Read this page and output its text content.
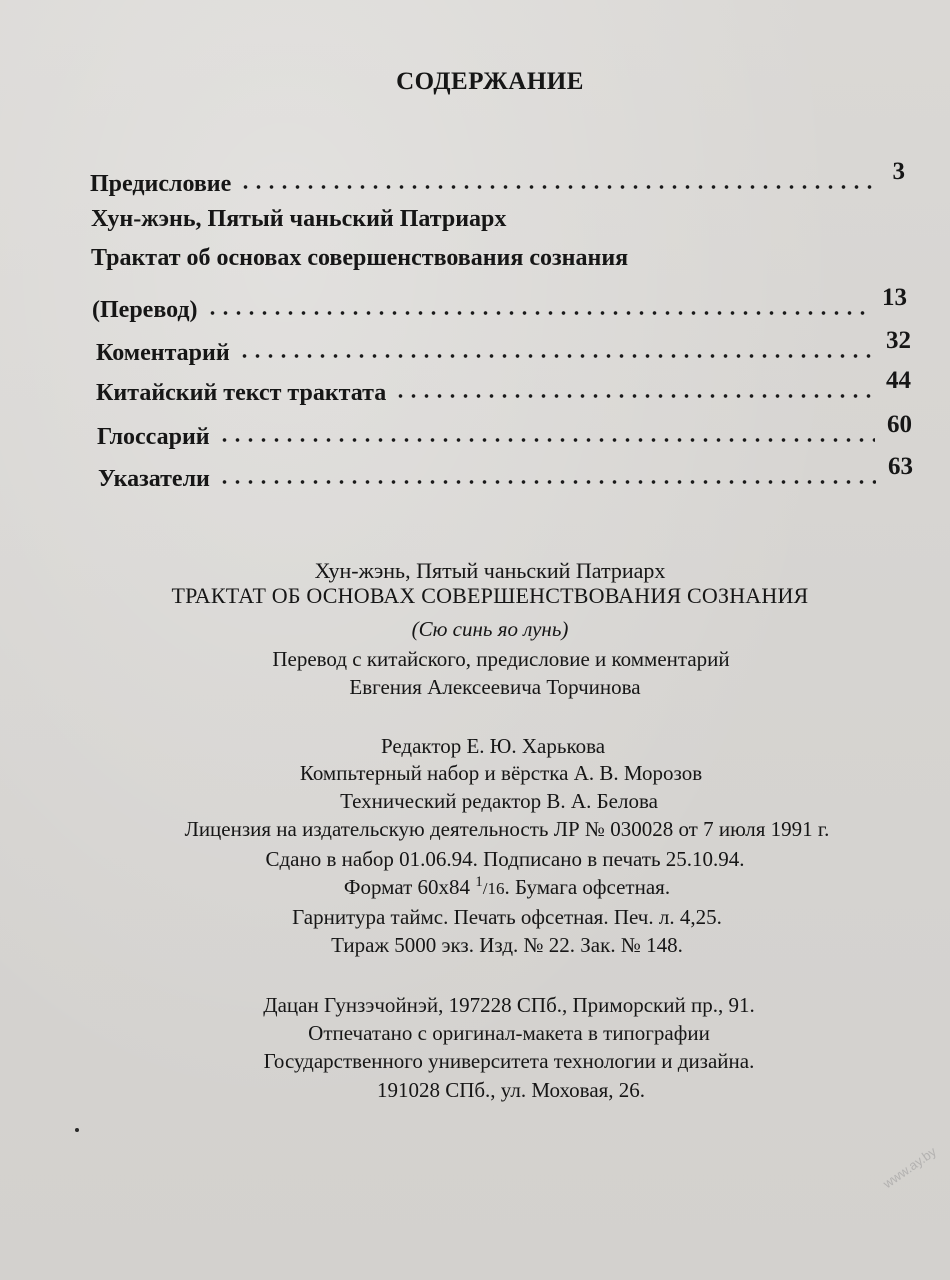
СОДЕРЖАНИЕ
Предисловие	3
Хун-жэнь, Пятый чаньский Патриарх
Трактат об основах совершенствования сознания
(Перевод)	13
Коментарий	32
Китайский текст трактата	44
Глоссарий	60
Указатели	63
Хун-жэнь, Пятый чаньский Патриарх
ТРАКТАТ ОБ ОСНОВАХ СОВЕРШЕНСТВОВАНИЯ СОЗНАНИЯ
(Сю синь яо лунь)
Перевод с китайского, предисловие и комментарий
Евгения Алексеевича Торчинова
Редактор Е. Ю. Харькова
Компьтерный набор и вёрстка А. В. Морозов
Технический редактор В. А. Белова
Лицензия на издательскую деятельность ЛР № 030028 от 7 июля 1991 г.
Сдано в набор 01.06.94. Подписано в печать 25.10.94.
Формат 60х84 $^1$/16. Бумага офсетная.
Гарнитура таймс. Печать офсетная. Печ. л. 4,25.
Тираж 5000 экз. Изд. № 22. Зак. № 148.
Дацан Гунзэчойнэй, 197228 СПб., Приморский пр., 91.
Отпечатано с оригинал-макета в типографии
Государственного университета технологии и дизайна.
191028 СПб., ул. Моховая, 26.
www.ay.by
